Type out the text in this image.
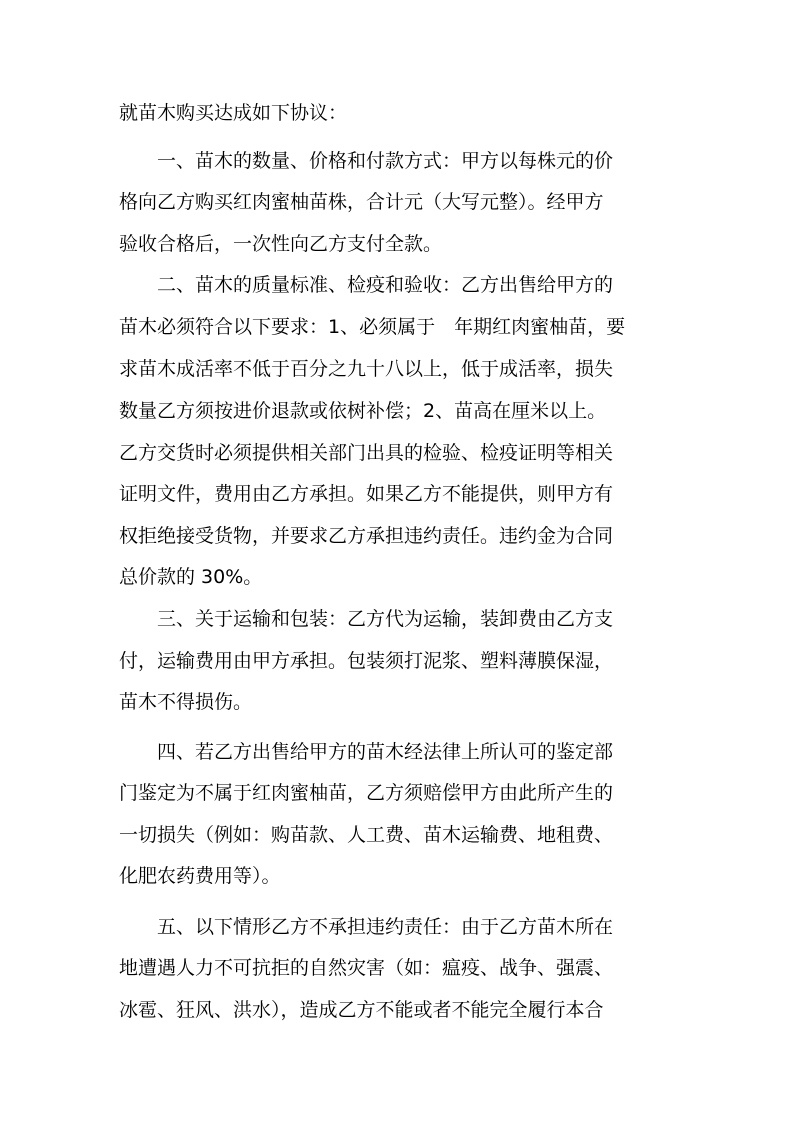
就苗木购买达成如下协议：

一、苗木的数量、价格和付款方式：甲方以每株元的价

格向乙方购买红肉蜜柚苗株，合计元（大写元整）。经甲方

验收合格后，一次性向乙方支付全款。

二、苗木的质量标准、检疫和验收：乙方出售给甲方的

苗木必须符合以下要求：1、必须属于　年期红肉蜜柚苗，要

求苗木成活率不低于百分之九十八以上，低于成活率，损失

数量乙方须按进价退款或依树补偿；2、苗高在厘米以上。

乙方交货时必须提供相关部门出具的检验、检疫证明等相关

证明文件，费用由乙方承担。如果乙方不能提供，则甲方有

权拒绝接受货物，并要求乙方承担违约责任。违约金为合同

总价款的 30%。

三、关于运输和包装：乙方代为运输，装卸费由乙方支

付，运输费用由甲方承担。包装须打泥浆、塑料薄膜保湿，

苗木不得损伤。

四、若乙方出售给甲方的苗木经法律上所认可的鉴定部

门鉴定为不属于红肉蜜柚苗，乙方须赔偿甲方由此所产生的

一切损失（例如：购苗款、人工费、苗木运输费、地租费、

化肥农药费用等）。

五、以下情形乙方不承担违约责任：由于乙方苗木所在

地遭遇人力不可抗拒的自然灾害（如：瘟疫、战争、强震、

冰雹、狂风、洪水），造成乙方不能或者不能完全履行本合
